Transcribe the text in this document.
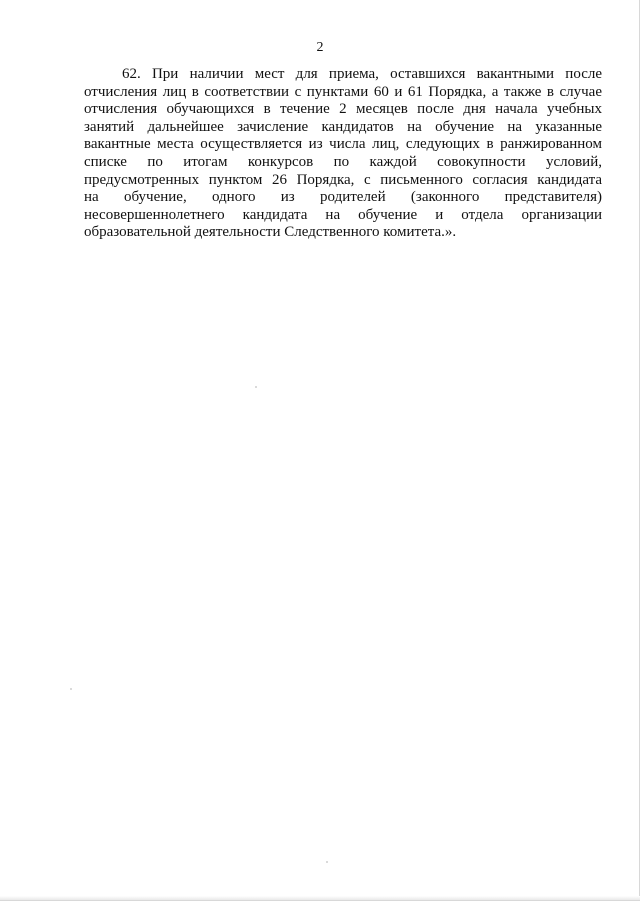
2
62. При наличии мест для приема, оставшихся вакантными после
отчисления лиц в соответствии с пунктами 60 и 61 Порядка, а также в случае
отчисления обучающихся в течение 2 месяцев после дня начала учебных
занятий дальнейшее зачисление кандидатов на обучение на указанные
вакантные места осуществляется из числа лиц, следующих в ранжированном
списке по итогам конкурсов по каждой совокупности условий,
предусмотренных пунктом 26 Порядка, с письменного согласия кандидата
на обучение, одного из родителей (законного представителя)
несовершеннолетнего кандидата на обучение и отдела организации
образовательной деятельности Следственного комитета.».
